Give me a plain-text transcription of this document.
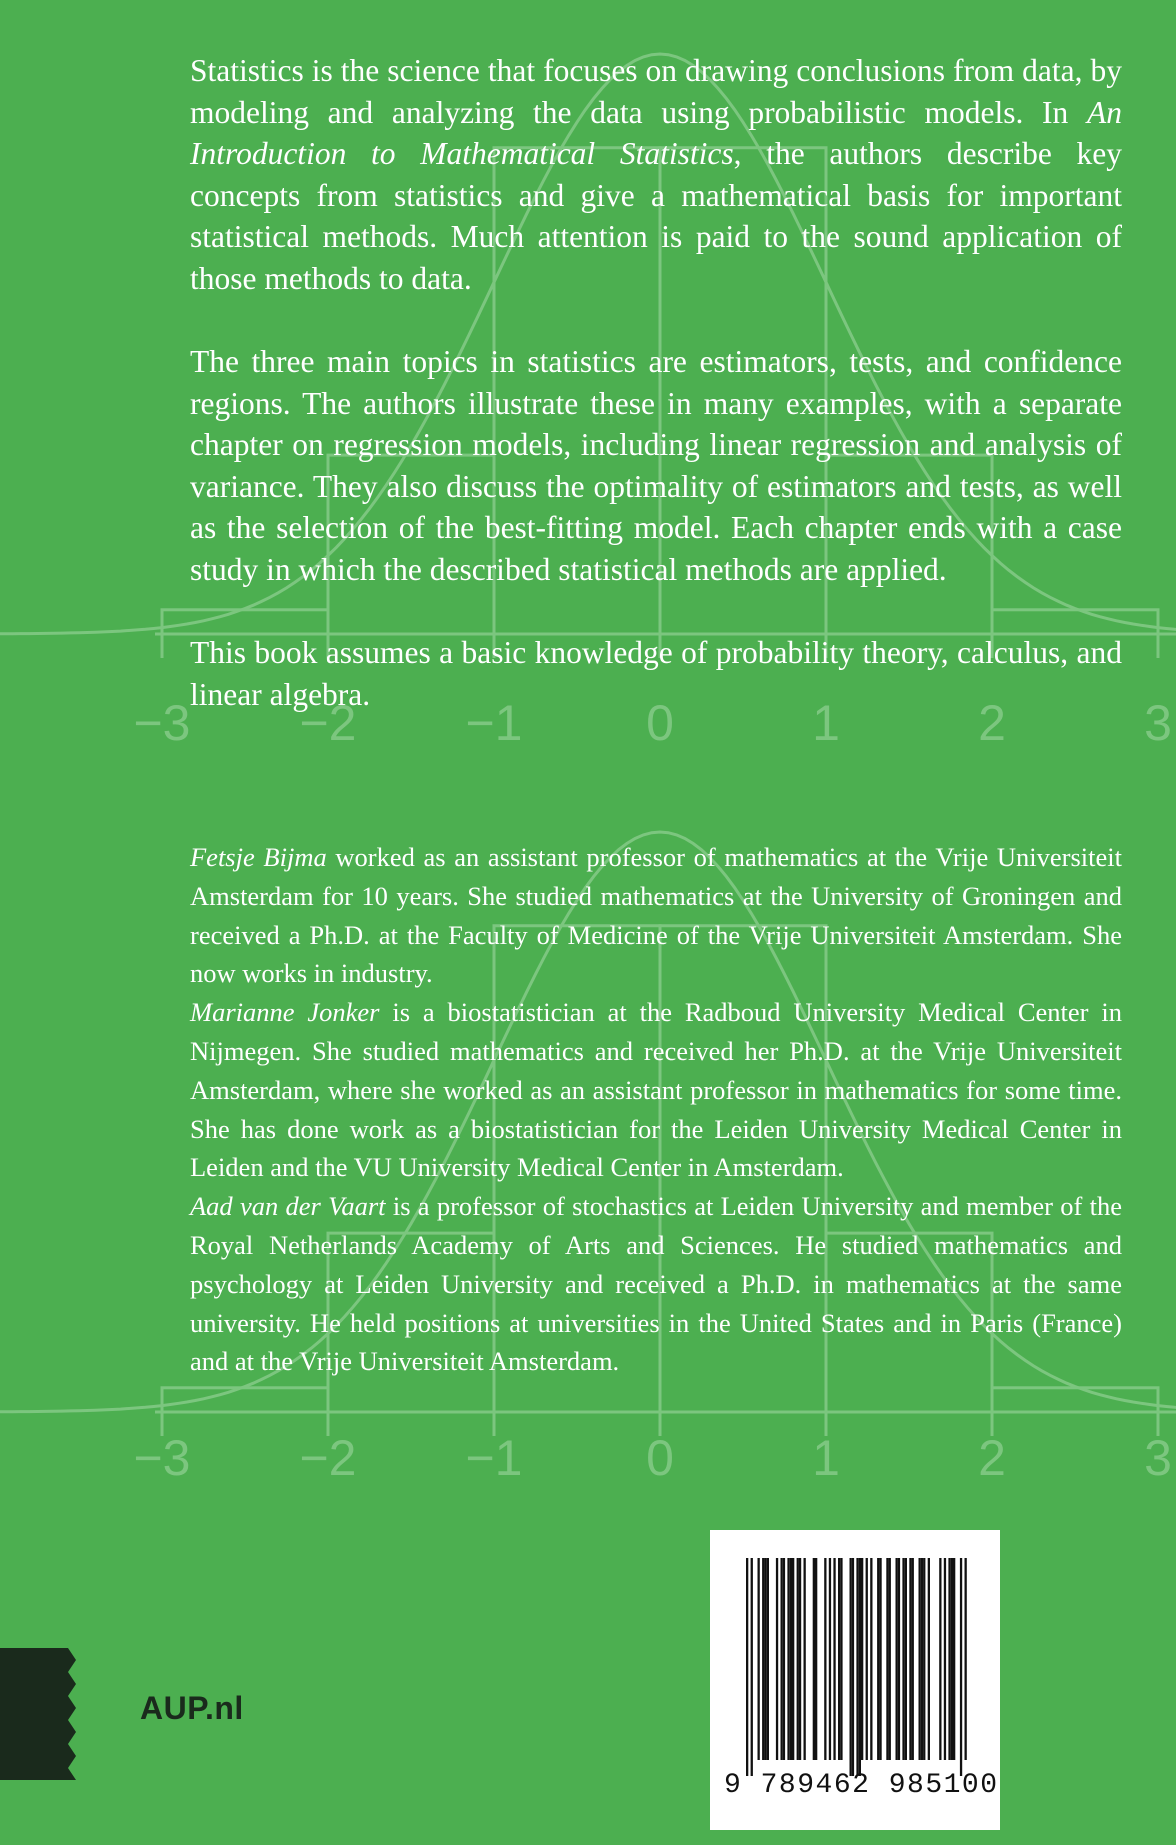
−3 −2 −1 0	1	2	3
−3 −2 −1 0	1	2	3

Statistics is the science that focuses on drawing conclusions from data, by modeling and analyzing the data using probabilistic models. In An Introduction to Mathematical Statistics, the authors describe key concepts from statistics and give a mathematical basis for important statistical methods. Much attention is paid to the sound application of those methods to data.

The three main topics in statistics are estimators, tests, and confidence regions. The authors illustrate these in many examples, with a separate chapter on regression models, including linear regression and analysis of variance. They also discuss the optimality of estimators and tests, as well as the selection of the best-fitting model. Each chapter ends with a case study in which the described statistical methods are applied.

This book assumes a basic knowledge of probability theory, calculus, and linear algebra.

Fetsje Bijma worked as an assistant professor of mathematics at the Vrije Universiteit Amsterdam for 10 years. She studied mathematics at the University of Groningen and received a Ph.D. at the Faculty of Medicine of the Vrije Universiteit Amsterdam. She now works in industry.

Marianne Jonker is a biostatistician at the Radboud University Medical Center in Nijmegen. She studied mathematics and received her Ph.D. at the Vrije Universiteit Amsterdam, where she worked as an assistant professor in mathematics for some time. She has done work as a biostatistician for the Leiden University Medical Center in Leiden and the VU University Medical Center in Amsterdam.

Aad van der Vaart is a professor of stochastics at Leiden University and member of the Royal Netherlands Academy of Arts and Sciences. He studied mathematics and psychology at Leiden University and received a Ph.D. in mathematics at the same university. He held positions at universities in the United States and in Paris (France) and at the Vrije Universiteit Amsterdam.

9 789462 985100
AUP.nl
